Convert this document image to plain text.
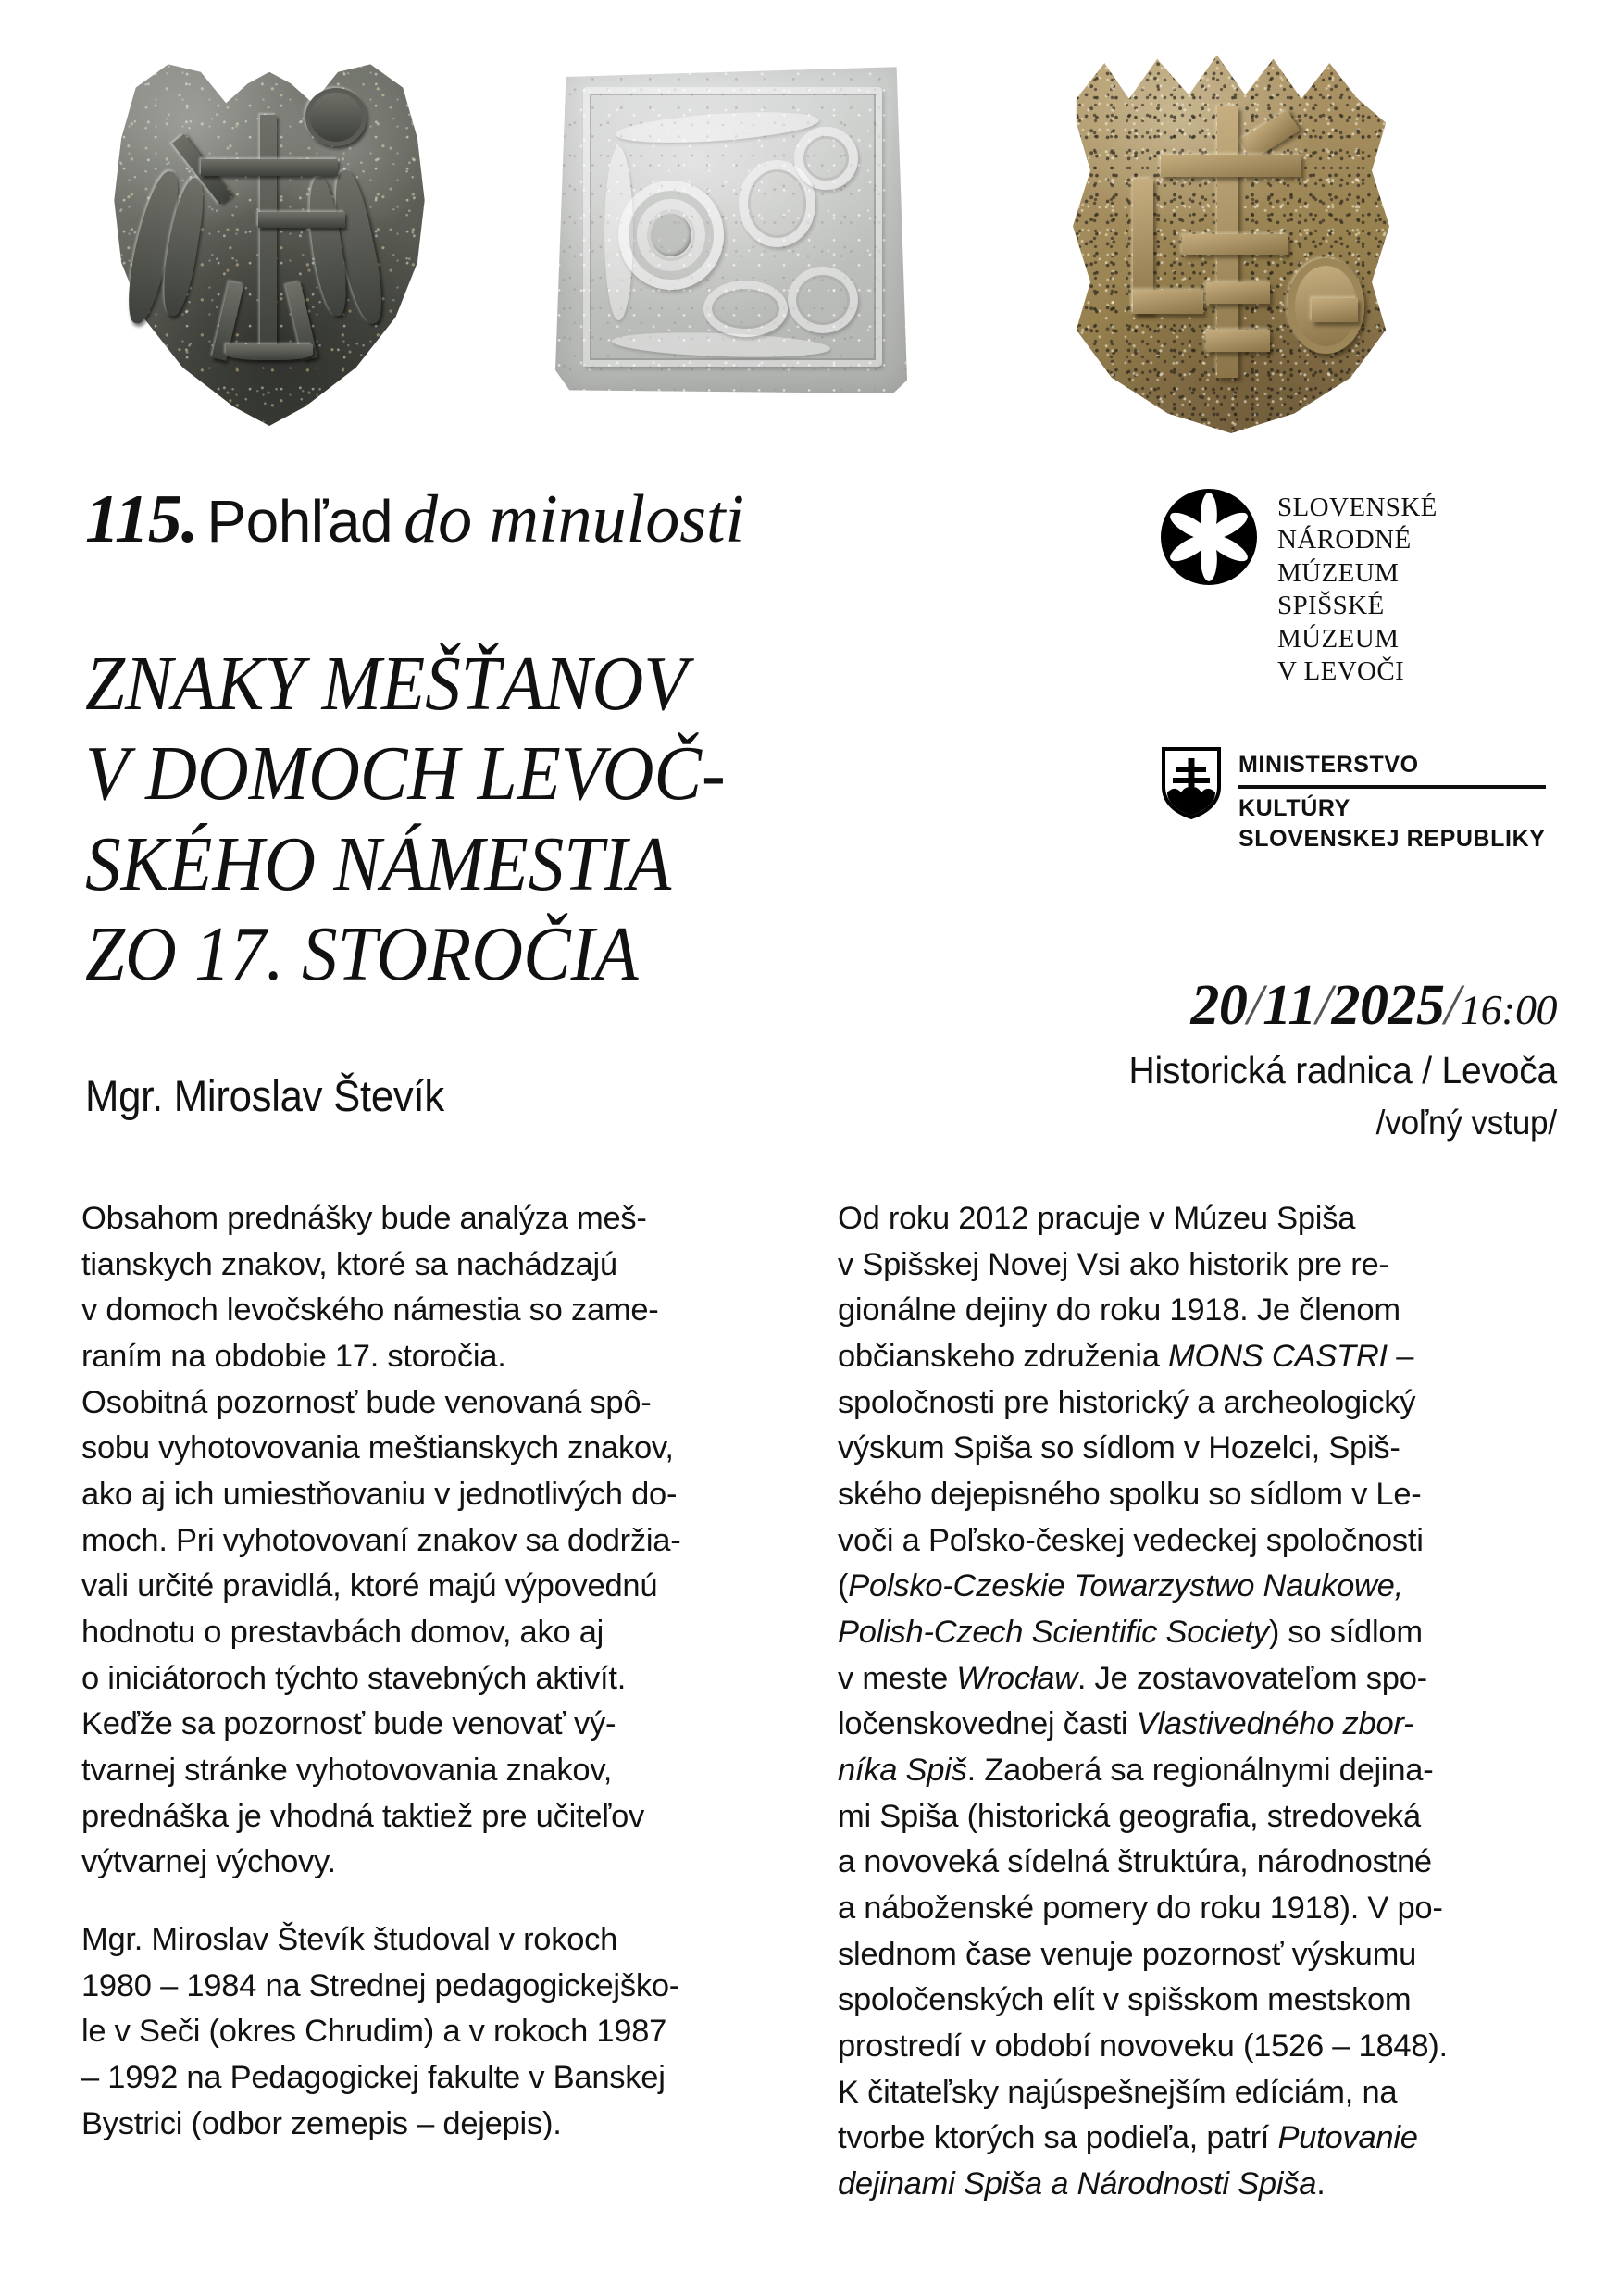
115. Pohľad do minulosti
ZNAKY MEŠŤANOV
V DOMOCH LEVOČ-
SKÉHO NÁMESTIA
ZO 17. STOROČIA
Mgr. Miroslav Števík
SLOVENSKÉ
NÁRODNÉ
MÚZEUM
SPIŠSKÉ
MÚZEUM
V LEVOČI
MINISTERSTVO
KULTÚRY
SLOVENSKEJ REPUBLIKY
20/11/2025/16:00
Historická radnica / Levoča
/voľný vstup/

Obsahom prednášky bude analýza meš-
tianskych znakov, ktoré sa nachádzajú
v domoch levočského námestia so zame-
raním na obdobie 17. storočia.
Osobitná pozornosť bude venovaná spô-
sobu vyhotovovania meštianskych znakov,
ako aj ich umiestňovaniu v jednotlivých do-
moch. Pri vyhotovovaní znakov sa dodržia-
vali určité pravidlá, ktoré majú výpovednú
hodnotu o prestavbách domov, ako aj
o iniciátoroch týchto stavebných aktivít.
Keďže sa pozornosť bude venovať vý-
tvarnej stránke vyhotovovania znakov,
prednáška je vhodná taktiež pre učiteľov
výtvarnej výchovy.

Mgr. Miroslav Števík študoval v rokoch
1980 – 1984 na Strednej pedagogickejško-
le v Seči (okres Chrudim) a v rokoch 1987
– 1992 na Pedagogickej fakulte v Banskej
Bystrici (odbor zemepis – dejepis).

Od roku 2012 pracuje v Múzeu Spiša
v Spišskej Novej Vsi ako historik pre re-
gionálne dejiny do roku 1918. Je členom
občianskeho združenia MONS CASTRI –
spoločnosti pre historický a archeologický
výskum Spiša so sídlom v Hozelci, Spiš-
ského dejepisného spolku so sídlom v Le-
voči a Poľsko-českej vedeckej spoločnosti
(Polsko-Czeskie Towarzystwo Naukowe,
Polish-Czech Scientific Society) so sídlom
v meste Wrocław. Je zostavovateľom spo-
ločenskovednej časti Vlastivedného zbor-
níka Spiš. Zaoberá sa regionálnymi dejina-
mi Spiša (historická geografia, stredoveká
a novoveká sídelná štruktúra, národnostné
a náboženské pomery do roku 1918). V po-
slednom čase venuje pozornosť výskumu
spoločenských elít v spišskom mestskom
prostredí v období novoveku (1526 – 1848).
K čitateľsky najúspešnejším edíciám, na
tvorbe ktorých sa podieľa, patrí Putovanie
dejinami Spiša a Národnosti Spiša.
